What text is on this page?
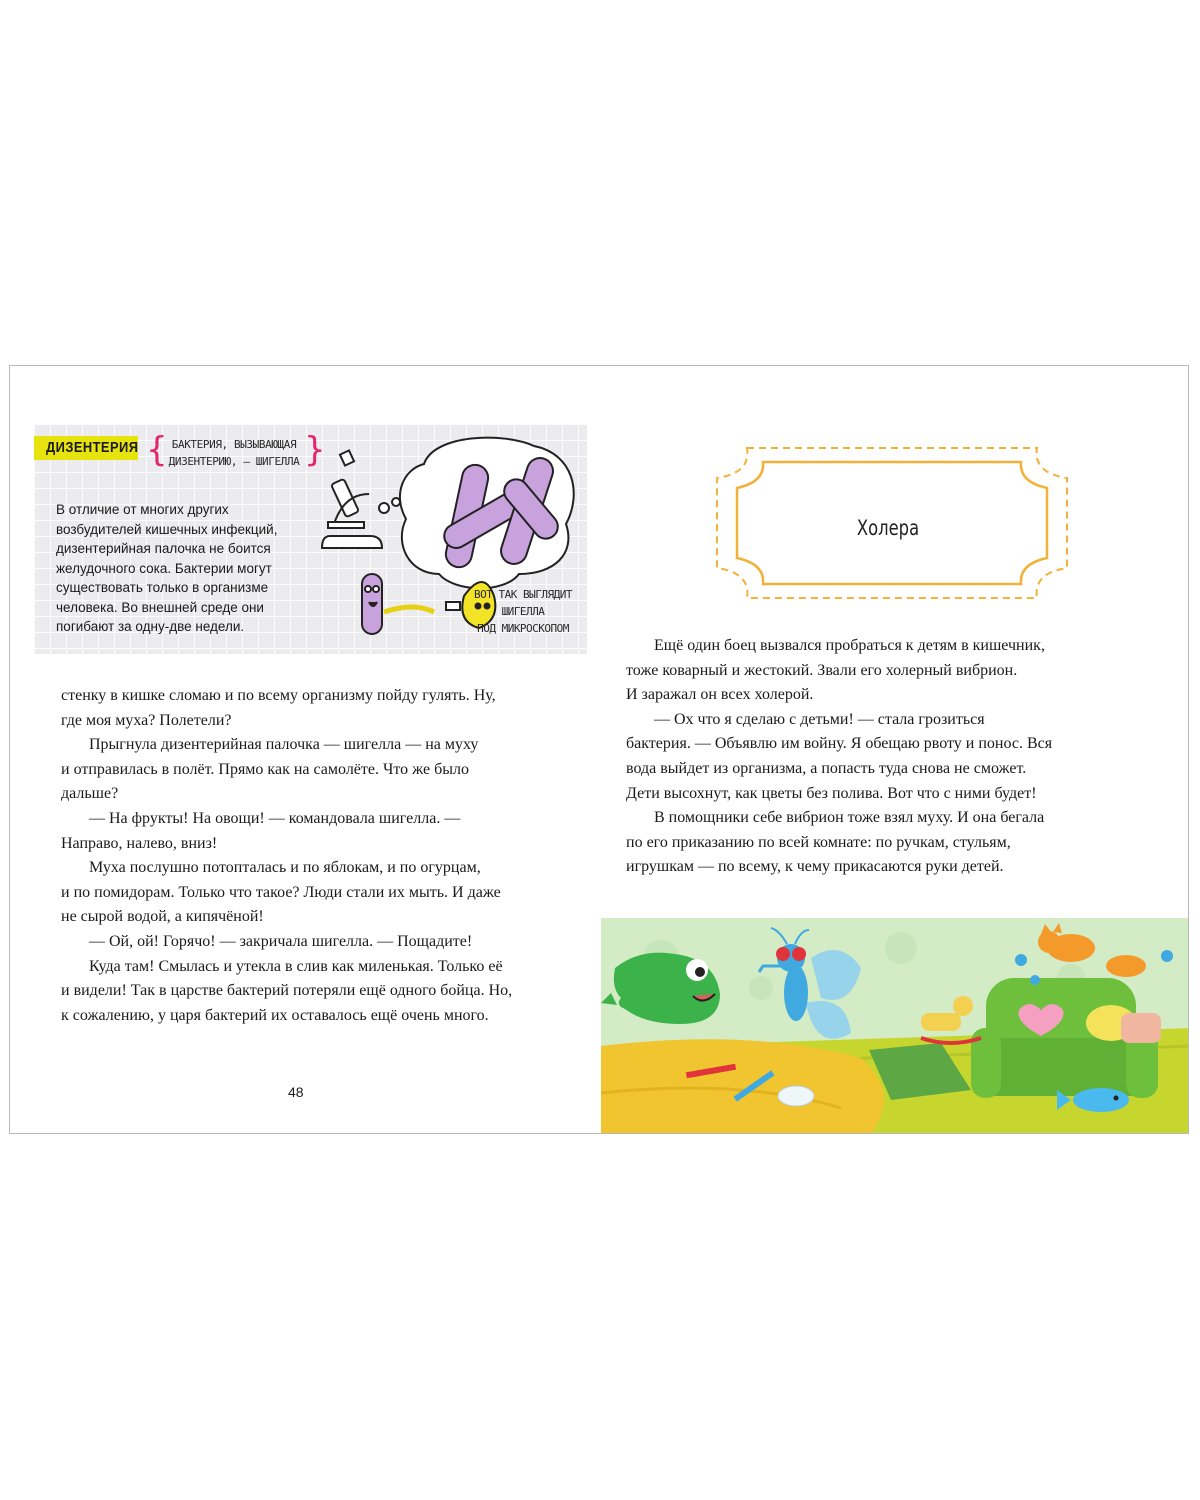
ДИЗЕНТЕРИЯ { БАКТЕРИЯ, ВЫЗЫВАЮЩАЯ ДИЗЕНТЕРИЮ, — ШИГЕЛЛА }

В отличие от многих других
возбудителей кишечных инфекций,
дизентерийная палочка не боится
желудочного сока. Бактерии могут
существовать только в организме
человека. Во внешней среде они
погибают за одну-две недели.

ВОТ ТАК ВЫГЛЯДИТ
ШИГЕЛЛА
ПОД МИКРОСКОПОМ

стенку в кишке сломаю и по всему организму пойду гулять. Ну,

где моя муха? Полетели?

Прыгнула дизентерийная палочка — шигелла — на муху

и отправилась в полёт. Прямо как на самолёте. Что же было

дальше?

— На фрукты! На овощи! — командовала шигелла. —

Направо, налево, вниз!

Муха послушно потопталась и по яблокам, и по огурцам,

и по помидорам. Только что такое? Люди стали их мыть. И даже

не сырой водой, а кипячёной!

— Ой, ой! Горячо! — закричала шигелла. — Пощадите!

Куда там! Смылась и утекла в слив как миленькая. Только её

и видели! Так в царстве бактерий потеряли ещё одного бойца. Но,

к сожалению, у царя бактерий их оставалось ещё очень много.

48
Холера

Ещё один боец вызвался пробраться к детям в кишечник,

тоже коварный и жестокий. Звали его холерный вибрион.

И заражал он всех холерой.

— Ох что я сделаю с детьми! — стала грозиться

бактерия. — Объявлю им войну. Я обещаю рвоту и понос. Вся

вода выйдет из организма, а попасть туда снова не сможет.

Дети высохнут, как цветы без полива. Вот что с ними будет!

В помощники себе вибрион тоже взял муху. И она бегала

по его приказанию по всей комнате: по ручкам, стульям,

игрушкам — по всему, к чему прикасаются руки детей.
